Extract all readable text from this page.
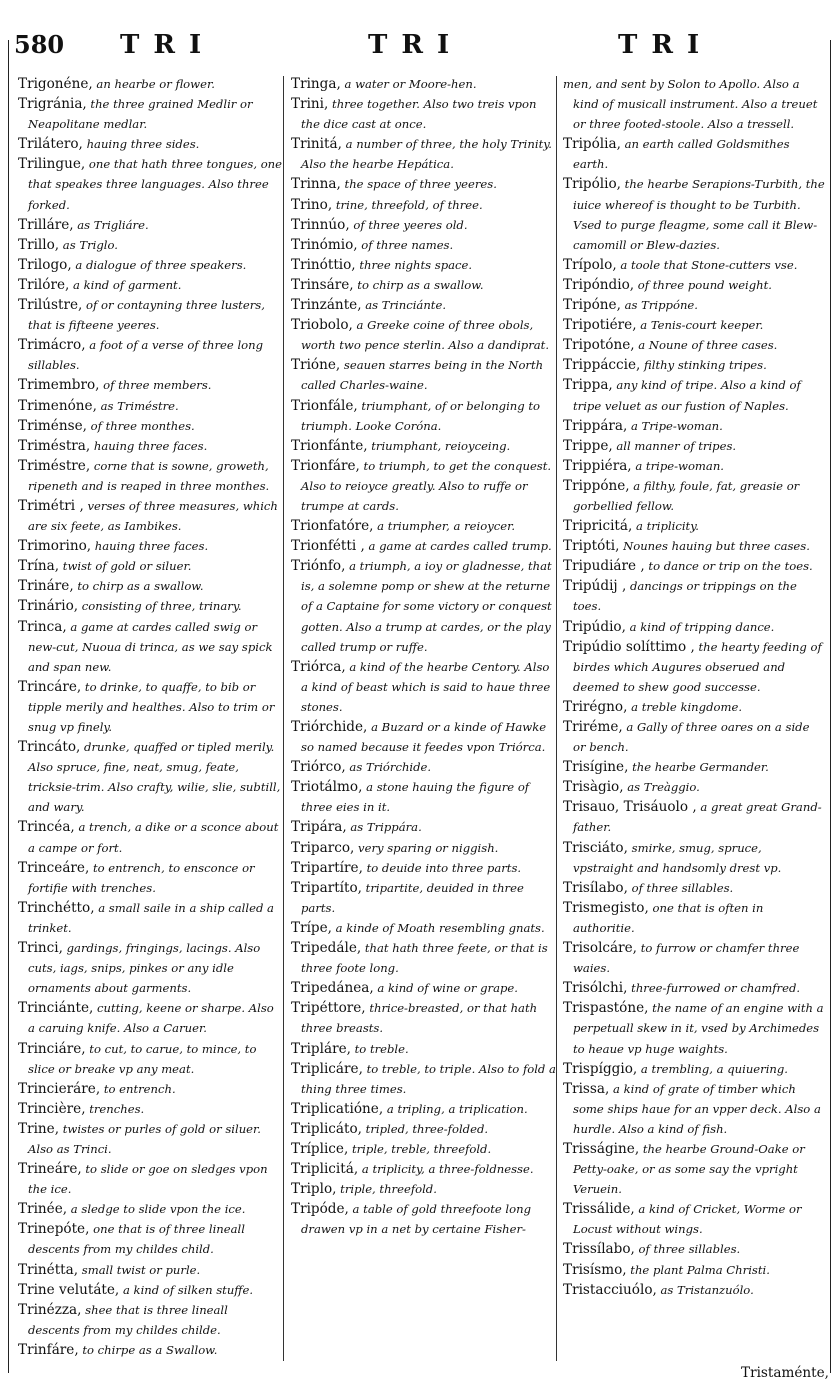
580 TRI	TRI	TRI

Trigonéne, an hearbe or flower.

Trigránia, the three grained Medlir or Neapolitane medlar.

Trilátero, hauing three sides.

Trilingue, one that hath three tongues, one that speakes three languages. Also three forked.

Trilláre, as Trigliáre.

Trillo, as Triglo.

Trilogo, a dialogue of three speakers.

Trilóre, a kind of garment.

Trilústre, of or contayning three lusters, that is fifteene yeeres.

Trimácro, a foot of a verse of three long sillables.

Trimembro, of three members.

Trimenóne, as Triméstre.

Triménse, of three monthes.

Triméstra, hauing three faces.

Triméstre, corne that is sowne, groweth, ripeneth and is reaped in three monthes.

Trimétri , verses of three measures, which are six feete, as Iambikes.

Trimorino, hauing three faces.

Trína, twist of gold or siluer.

Trináre, to chirp as a swallow.

Trinário, consisting of three, trinary.

Trinca, a game at cardes called swig or new-cut, Nuoua di trinca, as we say spick and span new.

Trincáre, to drinke, to quaffe, to bib or tipple merily and healthes. Also to trim or snug vp finely.

Trincáto, drunke, quaffed or tipled merily. Also spruce, fine, neat, smug, feate, tricksie-trim. Also crafty, wilie, slie, subtill, and wary.

Trincéa, a trench, a dike or a sconce about a campe or fort.

Trinceáre, to entrench, to ensconce or fortifie with trenches.

Trinchétto, a small saile in a ship called a trinket.

Trinci, gardings, fringings, lacings. Also cuts, iags, snips, pinkes or any idle ornaments about garments.

Trinciánte, cutting, keene or sharpe. Also a caruing knife. Also a Caruer.

Trinciáre, to cut, to carue, to mince, to slice or breake vp any meat.

Trincieráre, to entrench.

Trincière, trenches.

Trine, twistes or purles of gold or siluer. Also as Trinci.

Trineáre, to slide or goe on sledges vpon the ice.

Trinée, a sledge to slide vpon the ice.

Trinepóte, one that is of three lineall descents from my childes child.

Trinétta, small twist or purle.

Trine velutáte, a kind of silken stuffe.

Trinézza, shee that is three lineall descents from my childes childe.

Trinfáre, to chirpe as a Swallow.

Tringa, a water or Moore-hen.

Trini, three together. Also two treis vpon the dice cast at once.

Trinitá, a number of three, the holy Trinity. Also the hearbe Hepática.

Trinna, the space of three yeeres.

Trino, trine, threefold, of three.

Trinnúo, of three yeeres old.

Trinómio, of three names.

Trinóttio, three nights space.

Trinsáre, to chirp as a swallow.

Trinzánte, as Trinciánte.

Triobolo, a Greeke coine of three obols, worth two pence sterlin. Also a dandiprat.

Trióne, seauen starres being in the North called Charles-waine.

Trionfále, triumphant, of or belonging to triumph. Looke Coróna.

Trionfánte, triumphant, reioyceing.

Trionfáre, to triumph, to get the conquest. Also to reioyce greatly. Also to ruffe or trumpe at cards.

Trionfatóre, a triumpher, a reioycer.

Trionfétti , a game at cardes called trump.

Triónfo, a triumph, a ioy or gladnesse, that is, a solemne pomp or shew at the returne of a Captaine for some victory or conquest gotten. Also a trump at cardes, or the play called trump or ruffe.

Triórca, a kind of the hearbe Centory. Also a kind of beast which is said to haue three stones.

Triórchide, a Buzard or a kinde of Hawke so named because it feedes vpon Triórca.

Triórco, as Triórchide.

Triotálmo, a stone hauing the figure of three eies in it.

Tripára, as Trippára.

Triparco, very sparing or niggish.

Tripartíre, to deuide into three parts.

Tripartíto, tripartite, deuided in three parts.

Trípe, a kinde of Moath resembling gnats.

Tripedále, that hath three feete, or that is three foote long.

Tripedánea, a kind of wine or grape.

Tripéttore, thrice-breasted, or that hath three breasts.

Tripláre, to treble.

Triplicáre, to treble, to triple. Also to fold a thing three times.

Triplicatióne, a tripling, a triplication.

Triplicáto, tripled, three-folded.

Tríplice, triple, treble, threefold.

Triplicitá, a triplicity, a three-foldnesse.

Triplo, triple, threefold.

Tripóde, a table of gold threefoote long drawen vp in a net by certaine Fisher-

men, and sent by Solon to Apollo. Also a kind of musicall instrument. Also a treuet or three footed-stoole. Also a tressell.

Tripólia, an earth called Goldsmithes earth.

Tripólio, the hearbe Serapions-Turbith, the iuice whereof is thought to be Turbith. Vsed to purge fleagme, some call it Blew-camomill or Blew-dazies.

Trípolo, a toole that Stone-cutters vse.

Tripóndio, of three pound weight.

Tripóne, as Trippóne.

Tripotiére, a Tenis-court keeper.

Tripotóne, a Noune of three cases.

Trippáccie, filthy stinking tripes.

Trippa, any kind of tripe. Also a kind of tripe veluet as our fustion of Naples.

Trippára, a Tripe-woman.

Trippe, all manner of tripes.

Trippiéra, a tripe-woman.

Trippóne, a filthy, foule, fat, greasie or gorbellied fellow.

Tripricitá, a triplicity.

Triptóti, Nounes hauing but three cases.

Tripudiáre , to dance or trip on the toes.

Tripúdij , dancings or trippings on the toes.

Tripúdio, a kind of tripping dance.

Tripúdio solíttimo , the hearty feeding of birdes which Augures obserued and deemed to shew good successe.

Trirégno, a treble kingdome.

Triréme, a Gally of three oares on a side or bench.

Trisígine, the hearbe Germander.

Trisàgio, as Treàggio.

Trisauo, Trisáuolo , a great great Grand-father.

Trisciáto, smirke, smug, spruce, vpstraight and handsomly drest vp.

Trisílabo, of three sillables.

Trismegisto, one that is often in authoritie.

Trisolcáre, to furrow or chamfer three waies.

Trisólchi, three-furrowed or chamfred.

Trispastóne, the name of an engine with a perpetuall skew in it, vsed by Archimedes to heaue vp huge waights.

Trispíggio, a trembling, a quiuering.

Trissa, a kind of grate of timber which some ships haue for an vpper deck. Also a hurdle. Also a kind of fish.

Trisságine, the hearbe Ground-Oake or Petty-oake, or as some say the vpright Veruein.

Trissálide, a kind of Cricket, Worme or Locust without wings.

Trissílabo, of three sillables.

Trisísmo, the plant Palma Christi.

Tristacciuólo, as Tristanzuólo.

Tristaménte,
